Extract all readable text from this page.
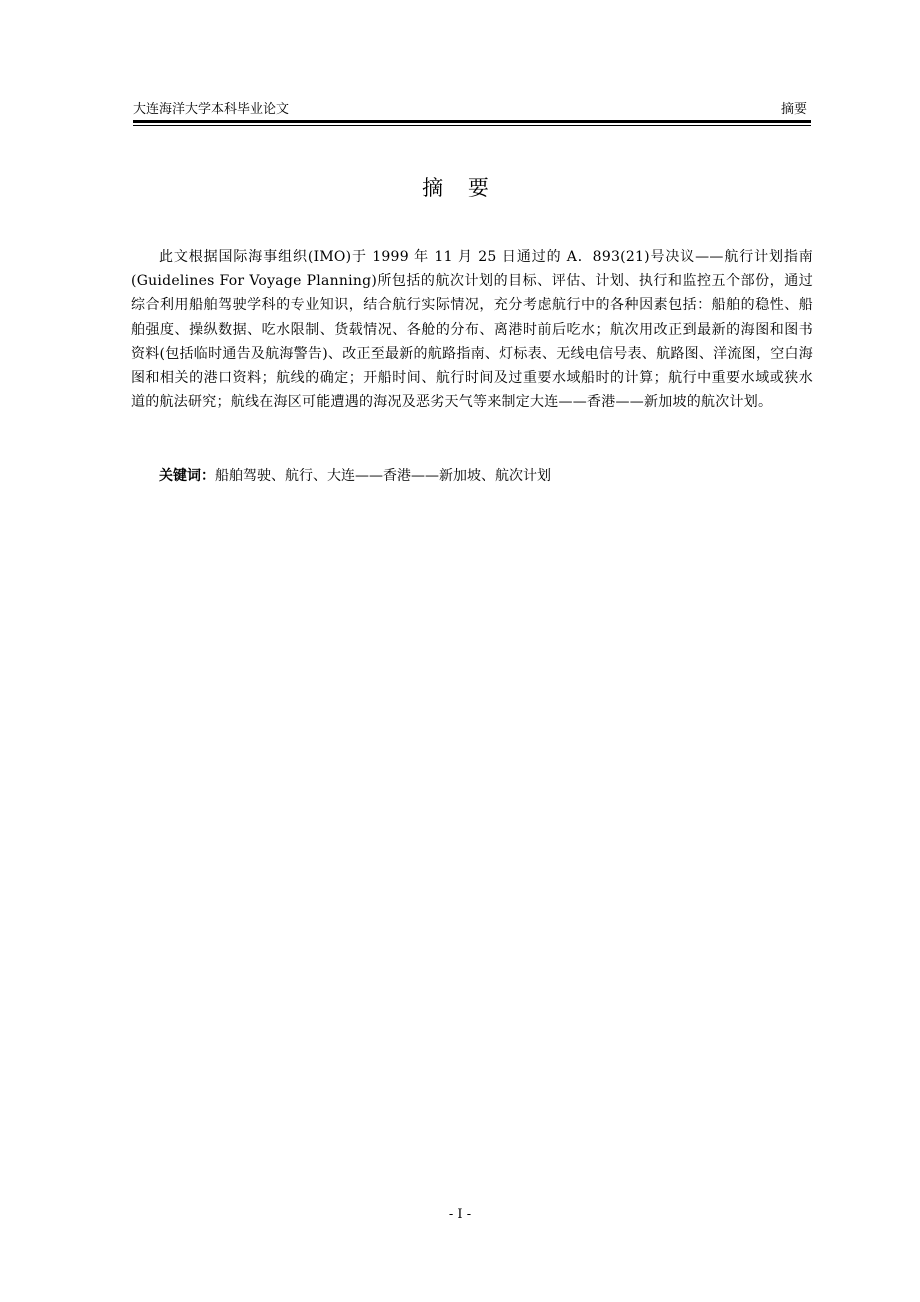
大连海洋大学本科毕业论文	摘要
摘 要

此文根据国际海事组织(IMO)于 1999 年 11 月 25 日通过的 A．893(21)号决议——航行计划指南(Guidelines For Voyage Planning)所包括的航次计划的目标、评估、计划、执行和监控五个部份，通过综合利用船舶驾驶学科的专业知识，结合航行实际情况，充分考虑航行中的各种因素包括：船舶的稳性、船舶强度、操纵数据、吃水限制、货载情况、各舱的分布、离港时前后吃水；航次用改正到最新的海图和图书资料(包括临时通告及航海警告)、改正至最新的航路指南、灯标表、无线电信号表、航路图、洋流图，空白海图和相关的港口资料；航线的确定；开船时间、航行时间及过重要水域船时的计算；航行中重要水域或狭水道的航法研究；航线在海区可能遭遇的海况及恶劣天气等来制定大连——香港——新加坡的航次计划。

关键词：船舶驾驶、航行、大连——香港——新加坡、航次计划
- I -
